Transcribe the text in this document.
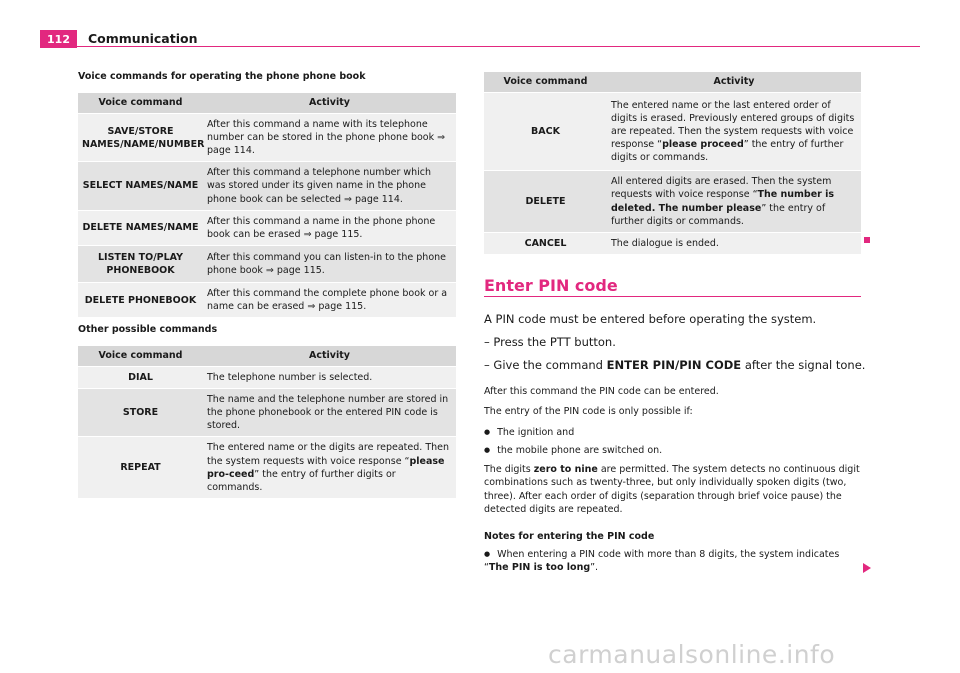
112	Communication
Voice commands for operating the phone phone book
Voice command	Activity
SAVE/STORE NAMES/NAME/NUMBER	After this command a name with its telephone number can be stored in the phone phone book ⇒ page 114.
SELECT NAMES/NAME	After this command a telephone number which was stored under its given name in the phone phone book can be selected ⇒ page 114.
DELETE NAMES/NAME	After this command a name in the phone phone book can be erased ⇒ page 115.
LISTEN TO/PLAY PHONEBOOK	After this command you can listen-in to the phone phone book ⇒ page 115.
DELETE PHONEBOOK	After this command the complete phone book or a name can be erased ⇒ page 115.
Other possible commands
Voice command	Activity
DIAL	The telephone number is selected.
STORE	The name and the telephone number are stored in the phone phonebook or the entered PIN code is stored.
REPEAT	The entered name or the digits are repeated. Then the system requests with voice response “please pro-ceed” the entry of further digits or commands.
Voice command	Activity
BACK	The entered name or the last entered order of digits is erased. Previously entered groups of digits are repeated. Then the system requests with voice response “please proceed” the entry of further digits or commands.
DELETE	All entered digits are erased. Then the system requests with voice response “The number is deleted. The number please” the entry of further digits or commands.
CANCEL	The dialogue is ended.
Enter PIN code
A PIN code must be entered before operating the system.
– Press the PTT button.
– Give the command ENTER PIN/PIN CODE after the signal tone.
After this command the PIN code can be entered.
The entry of the PIN code is only possible if:
● The ignition and
● the mobile phone are switched on.
The digits zero to nine are permitted. The system detects no continuous digit combinations such as twenty-three, but only individually spoken digits (two, three). After each order of digits (separation through brief voice pause) the detected digits are repeated.
Notes for entering the PIN code
● When entering a PIN code with more than 8 digits, the system indicates “The PIN is too long”.
carmanualsonline.info
